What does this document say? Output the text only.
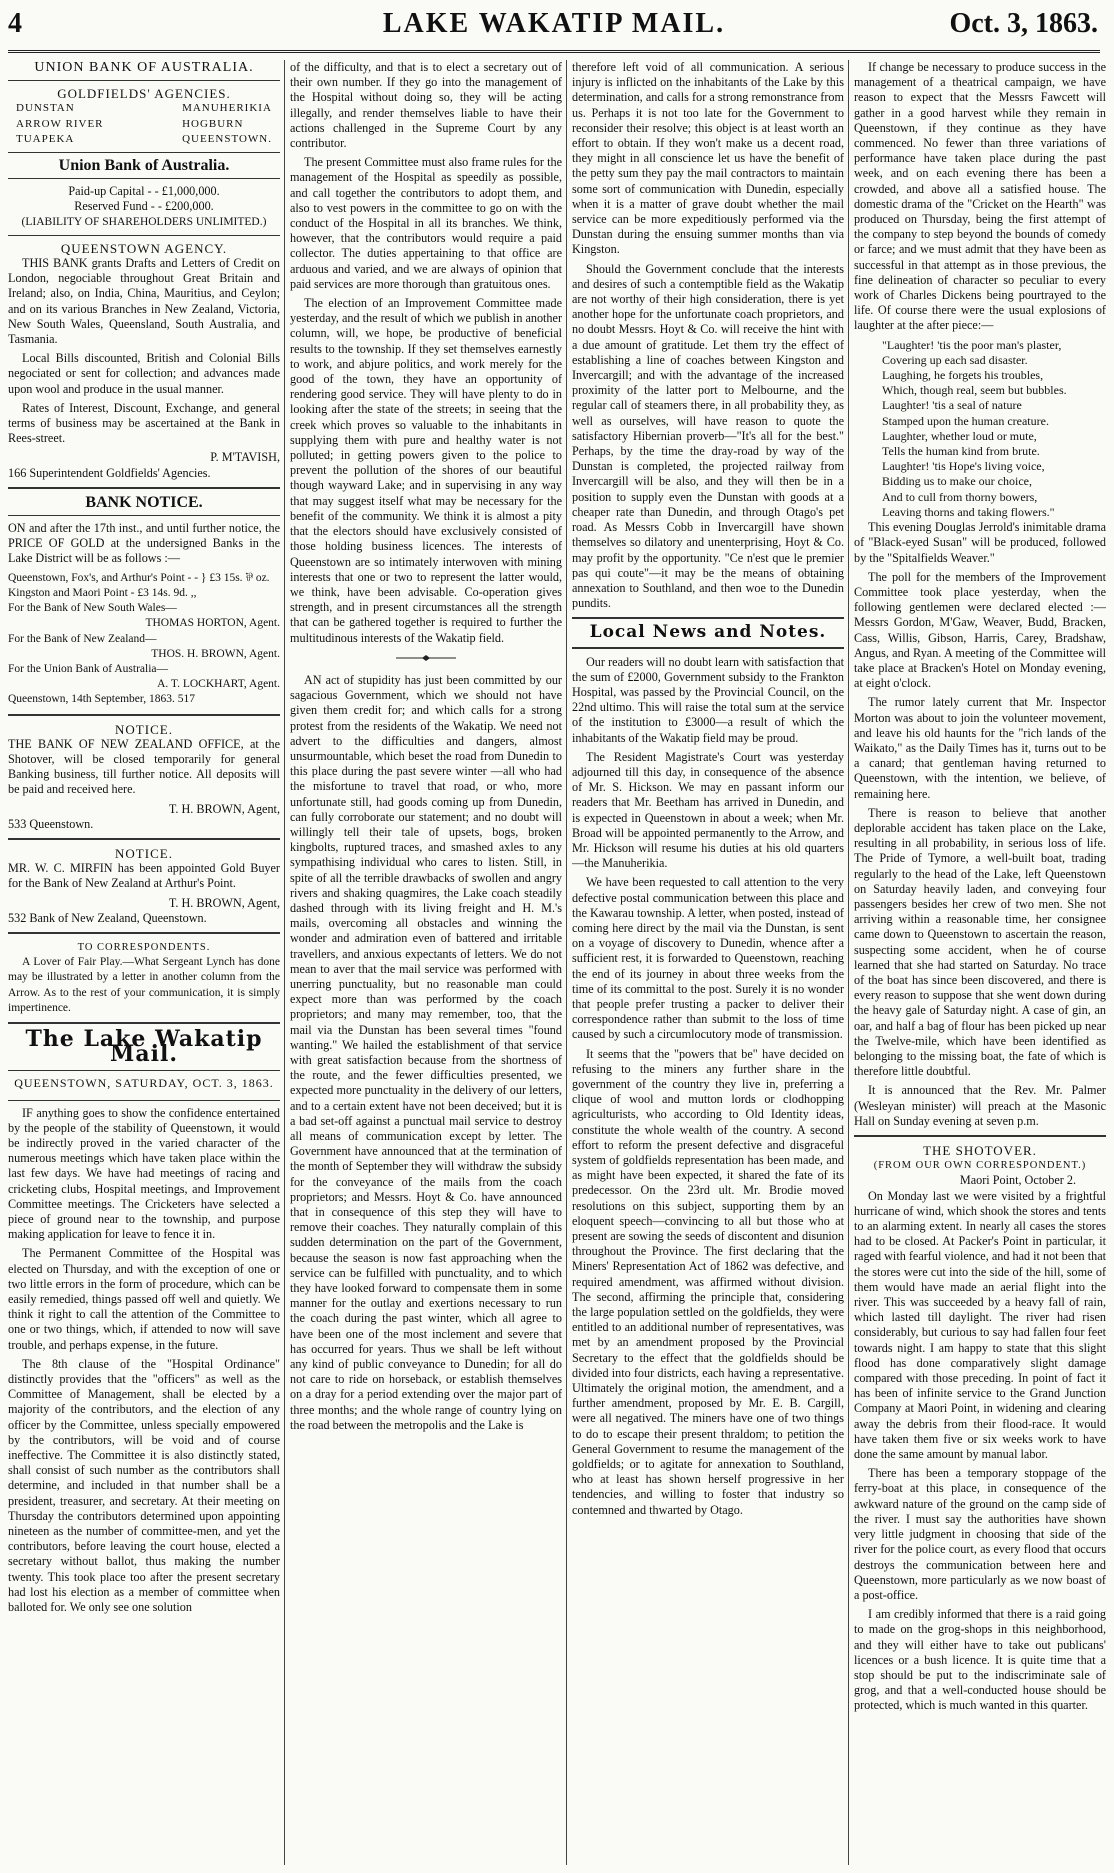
4	LAKE WAKATIP MAIL.	Oct. 3, 1863.
UNION BANK OF AUSTRALIA.
GOLDFIELDS' AGENCIES.
DUNSTAN
ARROW RIVER
TUAPEKA
MANUHERIKIA
HOGBURN
QUEENSTOWN.
Union Bank of Australia.
Paid-up Capital - - £1,000,000.
Reserved Fund - - £200,000.
(LIABILITY OF SHAREHOLDERS UNLIMITED.)
QUEENSTOWN AGENCY.

THIS BANK grants Drafts and Letters of Credit on London, negociable throughout Great Britain and Ireland; also, on India, China, Mauritius, and Ceylon; and on its various Branches in New Zealand, Victoria, New South Wales, Queensland, South Australia, and Tasmania.

Local Bills discounted, British and Colonial Bills negociated or sent for collection; and advances made upon wool and produce in the usual manner.

Rates of Interest, Discount, Exchange, and general terms of business may be ascertained at the Bank in Rees-street.

P. M'TAVISH,
166 Superintendent Goldfields' Agencies.
BANK NOTICE.

ON and after the 17th inst., and until further notice, the PRICE OF GOLD at the undersigned Banks in the Lake District will be as follows :—

Queenstown, Fox's, and Arthur's Point - - } £3 15s. ⅌ oz.
Kingston and Maori Point - £3 14s. 9d. ,,
For the Bank of New South Wales—
THOMAS HORTON, Agent.
For the Bank of New Zealand—
THOS. H. BROWN, Agent.
For the Union Bank of Australia—
A. T. LOCKHART, Agent.
Queenstown, 14th September, 1863. 517
NOTICE.

THE BANK OF NEW ZEALAND OFFICE, at the Shotover, will be closed temporarily for general Banking business, till further notice. All deposits will be paid and received here.

T. H. BROWN, Agent,
533 Queenstown.
NOTICE.

MR. W. C. MIRFIN has been appointed Gold Buyer for the Bank of New Zealand at Arthur's Point.

T. H. BROWN, Agent,
532 Bank of New Zealand, Queenstown.
TO CORRESPONDENTS.

A Lover of Fair Play.—What Sergeant Lynch has done may be illustrated by a letter in another column from the Arrow. As to the rest of your communication, it is simply impertinence.

The Lake Wakatip Mail.
QUEENSTOWN, SATURDAY, OCT. 3, 1863.

IF anything goes to show the confidence entertained by the people of the stability of Queenstown, it would be indirectly proved in the varied character of the numerous meetings which have taken place within the last few days. We have had meetings of racing and cricketing clubs, Hospital meetings, and Improvement Committee meetings. The Cricketers have selected a piece of ground near to the township, and purpose making application for leave to fence it in.

The Permanent Committee of the Hospital was elected on Thursday, and with the exception of one or two little errors in the form of procedure, which can be easily remedied, things passed off well and quietly. We think it right to call the attention of the Committee to one or two things, which, if attended to now will save trouble, and perhaps expense, in the future.

The 8th clause of the "Hospital Ordinance" distinctly provides that the "officers" as well as the Committee of Management, shall be elected by a majority of the contributors, and the election of any officer by the Committee, unless specially empowered by the contributors, will be void and of course ineffective. The Committee it is also distinctly stated, shall consist of such number as the contributors shall determine, and included in that number shall be a president, treasurer, and secretary. At their meeting on Thursday the contributors determined upon appointing nineteen as the number of committee-men, and yet the contributors, before leaving the court house, elected a secretary without ballot, thus making the number twenty. This took place too after the present secretary had lost his election as a member of committee when balloted for. We only see one solution

of the difficulty, and that is to elect a secretary out of their own number. If they go into the management of the Hospital without doing so, they will be acting illegally, and render themselves liable to have their actions challenged in the Supreme Court by any contributor.

The present Committee must also frame rules for the management of the Hospital as speedily as possible, and call together the contributors to adopt them, and also to vest powers in the committee to go on with the conduct of the Hospital in all its branches. We think, however, that the contributors would require a paid collector. The duties appertaining to that office are arduous and varied, and we are always of opinion that paid services are more thorough than gratuitous ones.

The election of an Improvement Committee made yesterday, and the result of which we publish in another column, will, we hope, be productive of beneficial results to the township. If they set themselves earnestly to work, and abjure politics, and work merely for the good of the town, they have an opportunity of rendering good service. They will have plenty to do in looking after the state of the streets; in seeing that the creek which proves so valuable to the inhabitants in supplying them with pure and healthy water is not polluted; in getting powers given to the police to prevent the pollution of the shores of our beautiful though wayward Lake; and in supervising in any way that may suggest itself what may be necessary for the benefit of the community. We think it is almost a pity that the electors should have exclusively consisted of those holding business licences. The interests of Queenstown are so intimately interwoven with mining interests that one or two to represent the latter would, we think, have been advisable. Co-operation gives strength, and in present circumstances all the strength that can be gathered together is required to further the multitudinous interests of the Wakatip field.

AN act of stupidity has just been committed by our sagacious Government, which we should not have given them credit for; and which calls for a strong protest from the residents of the Wakatip. We need not advert to the difficulties and dangers, almost unsurmountable, which beset the road from Dunedin to this place during the past severe winter —all who had the misfortune to travel that road, or who, more unfortunate still, had goods coming up from Dunedin, can fully corroborate our statement; and no doubt will willingly tell their tale of upsets, bogs, broken kingbolts, ruptured traces, and smashed axles to any sympathising individual who cares to listen. Still, in spite of all the terrible drawbacks of swollen and angry rivers and shaking quagmires, the Lake coach steadily dashed through with its living freight and H. M.'s mails, overcoming all obstacles and winning the wonder and admiration even of battered and irritable travellers, and anxious expectants of letters. We do not mean to aver that the mail service was performed with unerring punctuality, but no reasonable man could expect more than was performed by the coach proprietors; and many may remember, too, that the mail via the Dunstan has been several times "found wanting." We hailed the establishment of that service with great satisfaction because from the shortness of the route, and the fewer difficulties presented, we expected more punctuality in the delivery of our letters, and to a certain extent have not been deceived; but it is a bad set-off against a punctual mail service to destroy all means of communication except by letter. The Government have announced that at the termination of the month of September they will withdraw the subsidy for the conveyance of the mails from the coach proprietors; and Messrs. Hoyt & Co. have announced that in consequence of this step they will have to remove their coaches. They naturally complain of this sudden determination on the part of the Government, because the season is now fast approaching when the service can be fulfilled with punctuality, and to which they have looked forward to compensate them in some manner for the outlay and exertions necessary to run the coach during the past winter, which all agree to have been one of the most inclement and severe that has occurred for years. Thus we shall be left without any kind of public conveyance to Dunedin; for all do not care to ride on horseback, or establish themselves on a dray for a period extending over the major part of three months; and the whole range of country lying on the road between the metropolis and the Lake is

therefore left void of all communication. A serious injury is inflicted on the inhabitants of the Lake by this determination, and calls for a strong remonstrance from us. Perhaps it is not too late for the Government to reconsider their resolve; this object is at least worth an effort to obtain. If they won't make us a decent road, they might in all conscience let us have the benefit of the petty sum they pay the mail contractors to maintain some sort of communication with Dunedin, especially when it is a matter of grave doubt whether the mail service can be more expeditiously performed via the Dunstan during the ensuing summer months than via Kingston.

Should the Government conclude that the interests and desires of such a contemptible field as the Wakatip are not worthy of their high consideration, there is yet another hope for the unfortunate coach proprietors, and no doubt Messrs. Hoyt & Co. will receive the hint with a due amount of gratitude. Let them try the effect of establishing a line of coaches between Kingston and Invercargill; and with the advantage of the increased proximity of the latter port to Melbourne, and the regular call of steamers there, in all probability they, as well as ourselves, will have reason to quote the satisfactory Hibernian proverb—"It's all for the best." Perhaps, by the time the dray-road by way of the Dunstan is completed, the projected railway from Invercargill will be also, and they will then be in a position to supply even the Dunstan with goods at a cheaper rate than Dunedin, and through Otago's pet road. As Messrs Cobb in Invercargill have shown themselves so dilatory and unenterprising, Hoyt & Co. may profit by the opportunity. "Ce n'est que le premier pas qui coute"—it may be the means of obtaining annexation to Southland, and then woe to the Dunedin pundits.

Local News and Notes.

Our readers will no doubt learn with satisfaction that the sum of £2000, Government subsidy to the Frankton Hospital, was passed by the Provincial Council, on the 22nd ultimo. This will raise the total sum at the service of the institution to £3000—a result of which the inhabitants of the Wakatip field may be proud.

The Resident Magistrate's Court was yesterday adjourned till this day, in consequence of the absence of Mr. S. Hickson. We may en passant inform our readers that Mr. Beetham has arrived in Dunedin, and is expected in Queenstown in about a week; when Mr. Broad will be appointed permanently to the Arrow, and Mr. Hickson will resume his duties at his old quarters—the Manuherikia.

We have been requested to call attention to the very defective postal communication between this place and the Kawarau township. A letter, when posted, instead of coming here direct by the mail via the Dunstan, is sent on a voyage of discovery to Dunedin, whence after a sufficient rest, it is forwarded to Queenstown, reaching the end of its journey in about three weeks from the time of its committal to the post. Surely it is no wonder that people prefer trusting a packer to deliver their correspondence rather than submit to the loss of time caused by such a circumlocutory mode of transmission.

It seems that the "powers that be" have decided on refusing to the miners any further share in the government of the country they live in, preferring a clique of wool and mutton lords or clodhopping agriculturists, who according to Old Identity ideas, constitute the whole wealth of the country. A second effort to reform the present defective and disgraceful system of goldfields representation has been made, and as might have been expected, it shared the fate of its predecessor. On the 23rd ult. Mr. Brodie moved resolutions on this subject, supporting them by an eloquent speech—convincing to all but those who at present are sowing the seeds of discontent and disunion throughout the Province. The first declaring that the Miners' Representation Act of 1862 was defective, and required amendment, was affirmed without division. The second, affirming the principle that, considering the large population settled on the goldfields, they were entitled to an additional number of representatives, was met by an amendment proposed by the Provincial Secretary to the effect that the goldfields should be divided into four districts, each having a representative. Ultimately the original motion, the amendment, and a further amendment, proposed by Mr. E. B. Cargill, were all negatived. The miners have one of two things to do to escape their present thraldom; to petition the General Government to resume the management of the goldfields; or to agitate for annexation to Southland, who at least has shown herself progressive in her tendencies, and willing to foster that industry so contemned and thwarted by Otago.

If change be necessary to produce success in the management of a theatrical campaign, we have reason to expect that the Messrs Fawcett will gather in a good harvest while they remain in Queenstown, if they continue as they have commenced. No fewer than three variations of performance have taken place during the past week, and on each evening there has been a crowded, and above all a satisfied house. The domestic drama of the "Cricket on the Hearth" was produced on Thursday, being the first attempt of the company to step beyond the bounds of comedy or farce; and we must admit that they have been as successful in that attempt as in those previous, the fine delineation of character so peculiar to every work of Charles Dickens being pourtrayed to the life. Of course there were the usual explosions of laughter at the after piece:—

"Laughter! 'tis the poor man's plaster,

Covering up each sad disaster.

Laughing, he forgets his troubles,

Which, though real, seem but bubbles.

Laughter! 'tis a seal of nature

Stamped upon the human creature.

Laughter, whether loud or mute,

Tells the human kind from brute.

Laughter! 'tis Hope's living voice,

Bidding us to make our choice,

And to cull from thorny bowers,

Leaving thorns and taking flowers."

This evening Douglas Jerrold's inimitable drama of "Black-eyed Susan" will be produced, followed by the "Spitalfields Weaver."

The poll for the members of the Improvement Committee took place yesterday, when the following gentlemen were declared elected :—Messrs Gordon, M'Gaw, Weaver, Budd, Bracken, Cass, Willis, Gibson, Harris, Carey, Bradshaw, Angus, and Ryan. A meeting of the Committee will take place at Bracken's Hotel on Monday evening, at eight o'clock.

The rumor lately current that Mr. Inspector Morton was about to join the volunteer movement, and leave his old haunts for the "rich lands of the Waikato," as the Daily Times has it, turns out to be a canard; that gentleman having returned to Queenstown, with the intention, we believe, of remaining here.

There is reason to believe that another deplorable accident has taken place on the Lake, resulting in all probability, in serious loss of life. The Pride of Tymore, a well-built boat, trading regularly to the head of the Lake, left Queenstown on Saturday heavily laden, and conveying four passengers besides her crew of two men. She not arriving within a reasonable time, her consignee came down to Queenstown to ascertain the reason, suspecting some accident, when he of course learned that she had started on Saturday. No trace of the boat has since been discovered, and there is every reason to suppose that she went down during the heavy gale of Saturday night. A case of gin, an oar, and half a bag of flour has been picked up near the Twelve-mile, which have been identified as belonging to the missing boat, the fate of which is therefore little doubtful.

It is announced that the Rev. Mr. Palmer (Wesleyan minister) will preach at the Masonic Hall on Sunday evening at seven p.m.

THE SHOTOVER.
(FROM OUR OWN CORRESPONDENT.)
Maori Point, October 2.

On Monday last we were visited by a frightful hurricane of wind, which shook the stores and tents to an alarming extent. In nearly all cases the stores had to be closed. At Packer's Point in particular, it raged with fearful violence, and had it not been that the stores were cut into the side of the hill, some of them would have made an aerial flight into the river. This was succeeded by a heavy fall of rain, which lasted till daylight. The river had risen considerably, but curious to say had fallen four feet towards night. I am happy to state that this slight flood has done comparatively slight damage compared with those preceding. In point of fact it has been of infinite service to the Grand Junction Company at Maori Point, in widening and clearing away the debris from their flood-race. It would have taken them five or six weeks work to have done the same amount by manual labor.

There has been a temporary stoppage of the ferry-boat at this place, in consequence of the awkward nature of the ground on the camp side of the river. I must say the authorities have shown very little judgment in choosing that side of the river for the police court, as every flood that occurs destroys the communication between here and Queenstown, more particularly as we now boast of a post-office.

I am credibly informed that there is a raid going to made on the grog-shops in this neighborhood, and they will either have to take out publicans' licences or a bush licence. It is quite time that a stop should be put to the indiscriminate sale of grog, and that a well-conducted house should be protected, which is much wanted in this quarter.
